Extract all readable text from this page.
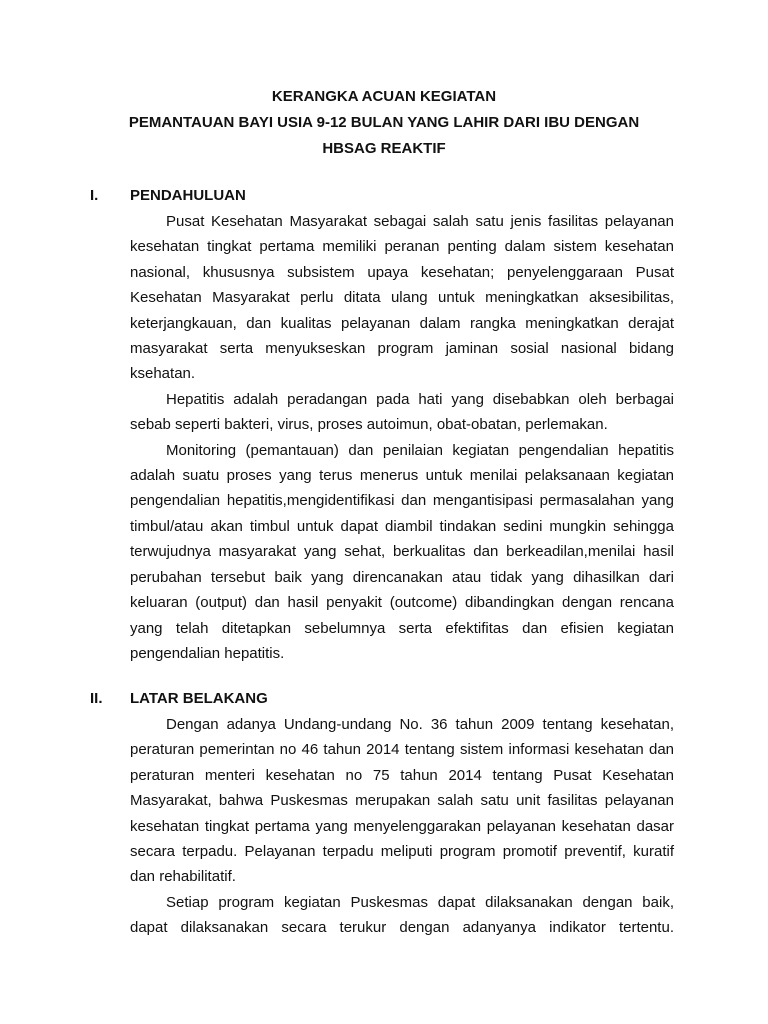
KERANGKA ACUAN KEGIATAN
PEMANTAUAN BAYI USIA 9-12 BULAN YANG LAHIR DARI IBU DENGAN
HBSAG REAKTIF
I. PENDAHULUAN

Pusat Kesehatan Masyarakat sebagai salah satu jenis fasilitas pelayanan kesehatan tingkat pertama memiliki peranan penting dalam sistem kesehatan nasional, khususnya subsistem upaya kesehatan; penyelenggaraan Pusat Kesehatan Masyarakat perlu ditata ulang untuk meningkatkan aksesibilitas, keterjangkauan, dan kualitas pelayanan dalam rangka meningkatkan derajat masyarakat serta menyukseskan program jaminan sosial nasional bidang ksehatan.

Hepatitis adalah peradangan pada hati yang disebabkan oleh berbagai sebab seperti bakteri, virus, proses autoimun, obat-obatan, perlemakan.

Monitoring (pemantauan) dan penilaian kegiatan pengendalian hepatitis adalah suatu proses yang terus menerus untuk menilai pelaksanaan kegiatan pengendalian hepatitis,mengidentifikasi dan mengantisipasi permasalahan yang timbul/atau akan timbul untuk dapat diambil tindakan sedini mungkin sehingga terwujudnya masyarakat yang sehat, berkualitas dan berkeadilan,menilai hasil perubahan tersebut baik yang direncanakan atau tidak yang dihasilkan dari keluaran (output) dan hasil penyakit (outcome) dibandingkan dengan rencana yang telah ditetapkan sebelumnya serta efektifitas dan efisien kegiatan pengendalian hepatitis.

II. LATAR BELAKANG

Dengan adanya Undang-undang No. 36 tahun 2009 tentang kesehatan, peraturan pemerintan no 46 tahun 2014 tentang sistem informasi kesehatan dan peraturan menteri kesehatan no 75 tahun 2014 tentang Pusat Kesehatan Masyarakat, bahwa Puskesmas merupakan salah satu unit fasilitas pelayanan kesehatan tingkat pertama yang menyelenggarakan pelayanan kesehatan dasar secara terpadu. Pelayanan terpadu meliputi program promotif preventif, kuratif dan rehabilitatif.

Setiap program kegiatan Puskesmas dapat dilaksanakan dengan baik, dapat dilaksanakan secara terukur dengan adanyanya indikator tertentu.
